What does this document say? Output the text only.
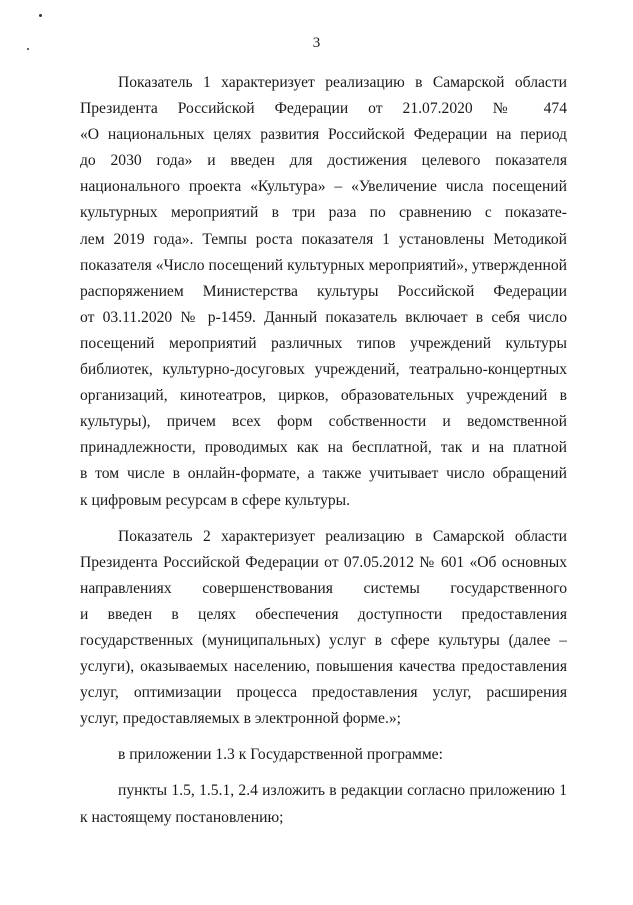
3
Показатель 1 характеризует реализацию в Самарской области
Президента Российской Федерации от 21.07.2020 № 474
«О национальных целях развития Российской Федерации на период
до 2030 года» и введен для достижения целевого показателя
национального проекта «Культура» – «Увеличение числа посещений
культурных мероприятий в три раза по сравнению с показате-
лем 2019 года». Темпы роста показателя 1 установлены Методикой
показателя «Число посещений культурных мероприятий», утвержденной
распоряжением Министерства культуры Российской Федерации
от 03.11.2020 № р-1459. Данный показатель включает в себя число
посещений мероприятий различных типов учреждений культуры
библиотек, культурно-досуговых учреждений, театрально-концертных
организаций, кинотеатров, цирков, образовательных учреждений в
культуры), причем всех форм собственности и ведомственной
принадлежности, проводимых как на бесплатной, так и на платной
в том числе в онлайн-формате, а также учитывает число обращений
к цифровым ресурсам в сфере культуры.
Показатель 2 характеризует реализацию в Самарской области
Президента Российской Федерации от 07.05.2012 № 601 «Об основных
направлениях совершенствования системы государственного
и введен в целях обеспечения доступности предоставления
государственных (муниципальных) услуг в сфере культуры (далее –
услуги), оказываемых населению, повышения качества предоставления
услуг, оптимизации процесса предоставления услуг, расширения
услуг, предоставляемых в электронной форме.»;
в приложении 1.3 к Государственной программе:
пункты 1.5, 1.5.1, 2.4 изложить в редакции согласно приложению 1
к настоящему постановлению;
